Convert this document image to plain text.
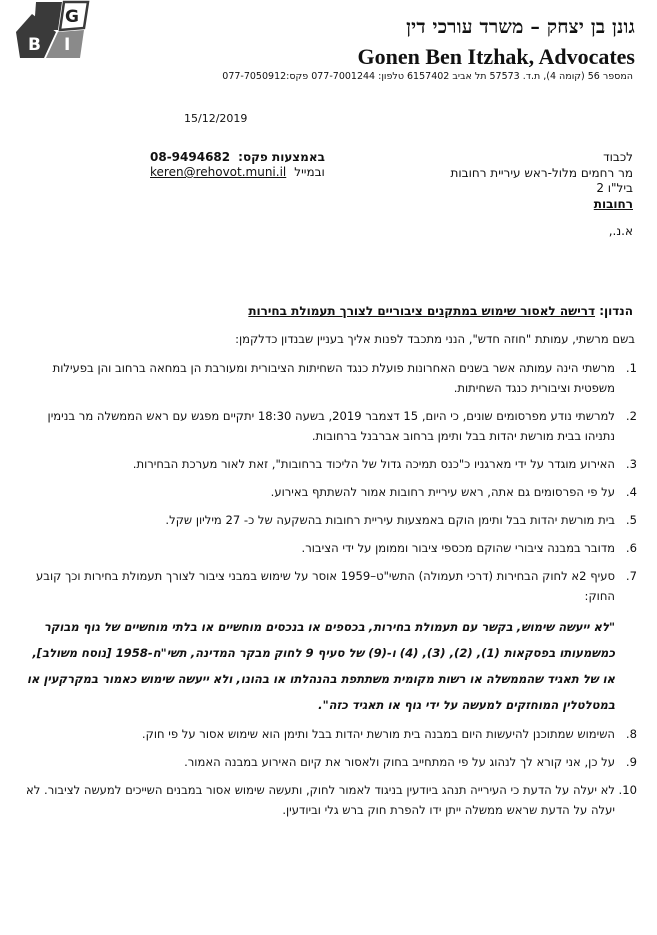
G
B I
גונן בן יצחק – משרד עורכי דין
Gonen Ben Itzhak, Advocates
המספר 56 (קומה 4), ת.ד. 57573 תל אביב 6157402 טלפון: 077-7001244 פקס:077-7050912
15/12/2019
לכבוד
מר רחמים מלול-ראש עיריית רחובות
ביל"ו 2
רחובות
08-9494682 באמצעות פקס:
keren@rehovot.muni.il ובמייל
א.נ.,
הנדון: דרישה לאסור שימוש במתקנים ציבוריים לצורך תעמולת בחירות

בשם מרשתי, עמותת "חוזה חדש", הנני מתכבד לפנות אליך בעניין שבנדון כדלקמן:

1.
מרשתי הינה עמותה אשר בשנים האחרונות פועלת כנגד השחיתות הציבורית ומעורבת הן במחאה ברחוב והן בפעילות משפטית וציבורית כנגד השחיתות.
2.
למרשתי נודע מפרסומים שונים, כי היום, 15 דצמבר 2019, בשעה 18:30 יתקיים מפגש עם ראש הממשלה מר בנימין נתניהו בבית מורשת יהדות בבל ותימן ברחוב אברבנל ברחובות.
3.
האירוע מוגדר על ידי מארגניו כ"כנס תמיכה גדול של הליכוד ברחובות", זאת לאור מערכת הבחירות.
4.
על פי הפרסומים גם אתה, ראש עיריית רחובות אמור להשתתף באירוע.
5.
בית מורשת יהדות בבל ותימן הוקם באמצעות עיריית רחובות בהשקעה של כ- 27 מיליון שקל.
6.
מדובר במבנה ציבורי שהוקם מכספי ציבור וממומן על ידי הציבור.
7.
סעיף 2א לחוק הבחירות (דרכי תעמולה) התשי"ט–1959 אוסר על שימוש במבני ציבור לצורך תעמולת בחירות וכך קובע החוק:

"לא ייעשה שימוש, בקשר עם תעמולת בחירות, בכספים או בנכסים מוחשיים או בלתי מוחשיים של גוף מבוקר כמשמעותו בפסקאות (1), (2), (3), (4) ו-(9) של סעיף 9 לחוק מבקר המדינה, תשי"ח-1958 [נוסח משולב], או של תאגיד שהממשלה או רשות מקומית משתתפת בהנהלתו או בהונו, ולא ייעשה שימוש כאמור במקרקעין או במטלטלין המוחזקים למעשה על ידי גוף או תאגיד כזה".

8.
השימוש שמתוכנן להיעשות היום במבנה בית מורשת יהדות בבל ותימן הוא שימוש אסור על פי חוק.
9.
על כן, אני קורא לך לנהוג על פי המתחייב בחוק ולאסור את קיום האירוע במבנה האמור.
10.
לא יעלה על הדעת כי העירייה תנהג ביודעין בניגוד לאמור לחוק, ותעשה שימוש אסור במבנים השייכים למעשה לציבור. לא יעלה על הדעת שראש ממשלה ייתן ידו להפרת חוק ברש גלי וביודעין.
